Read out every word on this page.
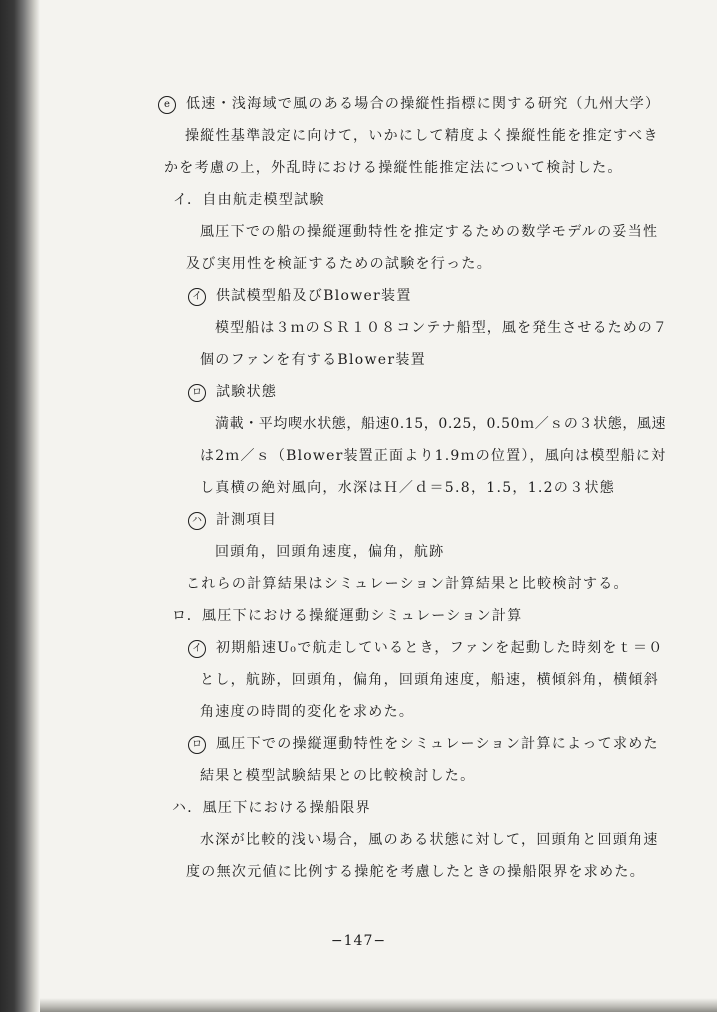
e 低速・浅海域で風のある場合の操縦性指標に関する研究（九州大学）
操縦性基準設定に向けて，いかにして精度よく操縦性能を推定すべき
かを考慮の上，外乱時における操縦性能推定法について検討した。
イ．自由航走模型試験
風圧下での船の操縦運動特性を推定するための数学モデルの妥当性
及び実用性を検証するための試験を行った。
イ 供試模型船及びBlower装置
模型船は３ｍのＳＲ１０８コンテナ船型，風を発生させるための７
個のファンを有するBlower装置
ロ 試験状態
満載・平均喫水状態，船速0.15，0.25，0.50ｍ／ｓの３状態，風速
は2ｍ／ｓ（Blower装置正面より1.9ｍの位置），風向は模型船に対
し真横の絶対風向，水深はＨ／ｄ＝5.8，1.5，1.2の３状態
ハ 計測項目
回頭角，回頭角速度，偏角，航跡
これらの計算結果はシミュレーション計算結果と比較検討する。
ロ．風圧下における操縦運動シミュレーション計算
イ 初期船速U₀で航走しているとき，ファンを起動した時刻をｔ＝０
とし，航跡，回頭角，偏角，回頭角速度，船速，横傾斜角，横傾斜
角速度の時間的変化を求めた。
ロ 風圧下での操縦運動特性をシミュレーション計算によって求めた
結果と模型試験結果との比較検討した。
ハ．風圧下における操船限界
水深が比較的浅い場合，風のある状態に対して，回頭角と回頭角速
度の無次元値に比例する操舵を考慮したときの操船限界を求めた。
−147−
